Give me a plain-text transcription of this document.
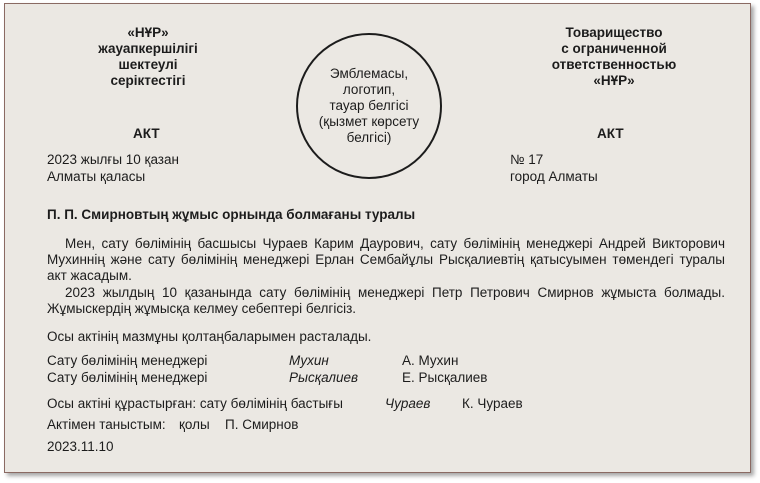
«НҰР»
жауапкершілігі
шектеулі
серіктестігі	Эмблемасы,
логотип,
тауар белгісі
(қызмет көрсету
белгісі)
Товарищество
с ограниченной
ответственностью
«НҰР»
АКТ	АКТ
2023 жылғы 10 қазан
Алматы қаласы
№ 17
город Алматы
П. П. Смирновтың жұмыс орнында болмағаны туралы
Мен, сату бөлімінің басшысы Чураев Карим Даурович, сату бөлімінің менеджері Андрей Викторович Мухиннің және сату бөлімінің менеджері Ерлан Сембайұлы Рысқалиевтің қатысуымен төмендегі туралы акт жасадым.
2023 жылдың 10 қазанында сату бөлімінің менеджері Петр Петрович Смирнов жұмыста болмады. Жұмыскердің жұмысқа келмеу себептері белгісіз.
Осы актінің мазмұны қолтаңбаларымен расталады.
Сату бөлімінің менеджері	Мухин	А. Мухин
Сату бөлімінің менеджері	Рысқалиев	Е. Рысқалиев
Осы актіні құрастырған: сату бөлімінің бастығы	Чураев К. Чураев
Актімен таныстым: қолы П. Смирнов
2023.11.10
